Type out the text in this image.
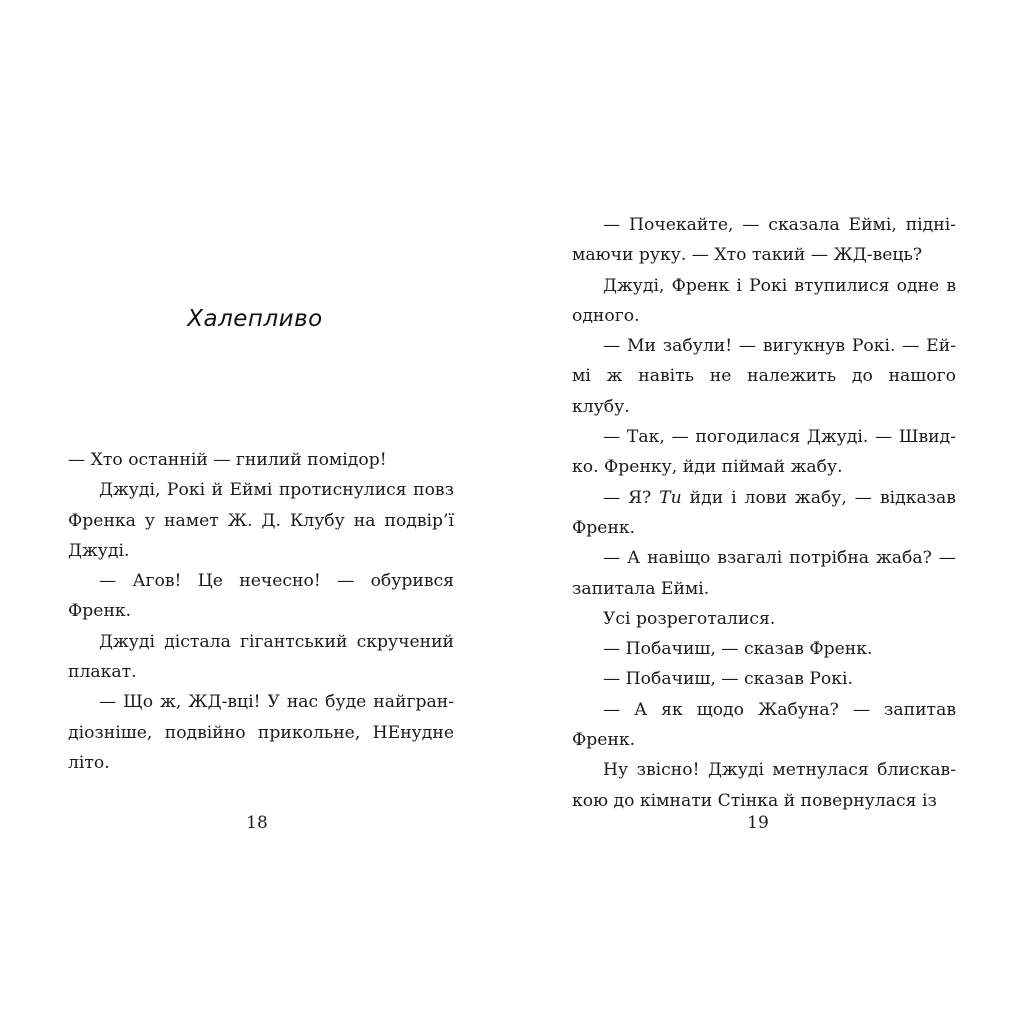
Халепливо

— Хто останній — гнилий помідор!

Джуді, Рокі й Еймі протиснулися повз Френка у намет Ж. Д. Клубу на подвір’ї Джуді.

— Агов! Це нечесно! — обурився Френк.

Джуді дістала гігантський скручений плакат.

— Що ж, ЖД-вці! У нас буде найграндіозніше, подвійно прикольне, НЕнудне літо.

18

— Почекайте, — сказала Еймі, піднімаючи руку. — Хто такий — ЖД-вець?

Джуді, Френк і Рокі втупилися одне в одного.

— Ми забули! — вигукнув Рокі. — Еймі ж навіть не належить до нашого клубу.

— Так, — погодилася Джуді. — Швидко. Френку, йди піймай жабу.

— Я? Ти йди і лови жабу, — відказав Френк.

— А навіщо взагалі потрібна жаба? — запитала Еймі.

Усі розреготалися.

— Побачиш, — сказав Френк.

— Побачиш, — сказав Рокі.

— А як щодо Жабуна? — запитав Френк.

Ну звісно! Джуді метнулася блискавкою до кімнати Стінка й повернулася із

19
